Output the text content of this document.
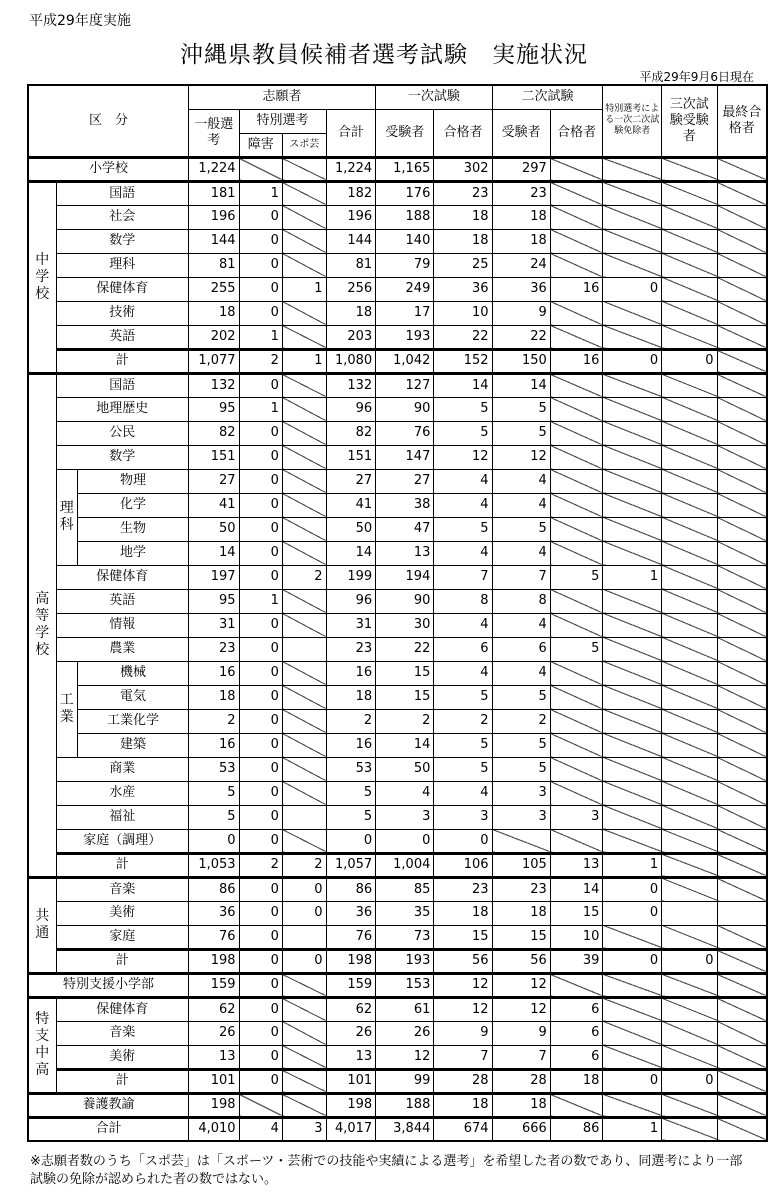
平成29年度実施
沖縄県教員候補者選考試験　実施状況
平成29年9月6日現在
区　分			志願者				一次試験		二次試験		特別選考による一次二次試験免除者	三次試験受験者	最終合格者
			一般選考	特別選考		合計	受験者	合格者	受験者	合格者			
				障害	スポ芸								
小学校			1,224			1,224	1,165	302	297				
中学校	国語		181	1		182	176	23	23				
	社会		196	0		196	188	18	18				
	数学		144	0		144	140	18	18				
	理科		81	0		81	79	25	24				
	保健体育		255	0	1	256	249	36	36	16	0		
	技術		18	0		18	17	10	9				
	英語		202	1		203	193	22	22				
	計		1,077	2	1	1,080	1,042	152	150	16	0	0	
高等学校	国語		132	0		132	127	14	14				
	地理歴史		95	1		96	90	5	5				
	公民		82	0		82	76	5	5				
	数学		151	0		151	147	12	12				
	理科	物理	27	0		27	27	4	4				
		化学	41	0		41	38	4	4				
		生物	50	0		50	47	5	5				
		地学	14	0		14	13	4	4				
	保健体育		197	0	2	199	194	7	7	5	1		
	英語		95	1		96	90	8	8				
	情報		31	0		31	30	4	4				
	農業		23	0		23	22	6	6	5			
	工業	機械	16	0		16	15	4	4				
		電気	18	0		18	15	5	5				
		工業化学	2	0		2	2	2	2				
		建築	16	0		16	14	5	5				
	商業		53	0		53	50	5	5				
	水産		5	0		5	4	4	3				
	福祉		5	0		5	3	3	3	3			
	家庭（調理）		0	0		0	0	0					
	計		1,053	2	2	1,057	1,004	106	105	13	1		
共通	音楽		86	0	0	86	85	23	23	14	0		
	美術		36	0	0	36	35	18	18	15	0		
	家庭		76	0		76	73	15	15	10			
	計		198	0	0	198	193	56	56	39	0	0	
特別支援小学部			159	0		159	153	12	12				
特支中高	保健体育		62	0		62	61	12	12	6			
	音楽		26	0		26	26	9	9	6			
	美術		13	0		13	12	7	7	6			
	計		101	0		101	99	28	28	18	0	0	
養護教諭			198			198	188	18	18				
合計			4,010	4	3	4,017	3,844	674	666	86	1		
※志願者数のうち「スポ芸」は「スポーツ・芸術での技能や実績による選考」を希望した者の数であり、同選考により一部試験の免除が認められた者の数ではない。
